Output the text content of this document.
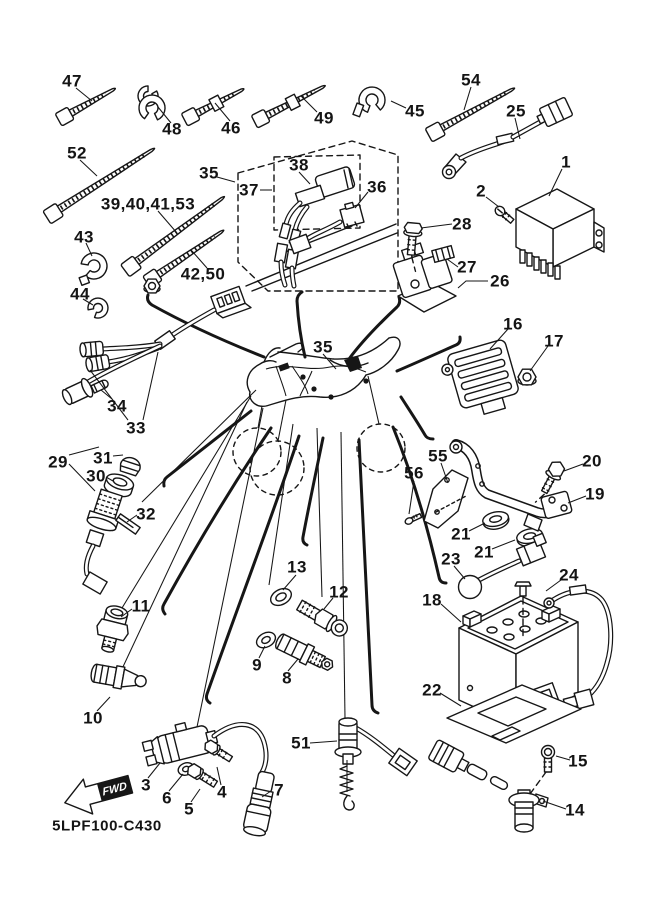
FWD
47
48 46
49	45
54
25
52	1
35
37
38
36	2
39,40,41,53
28
43
27
26
42,50
44
16
17
35
34
33
29 31
30
20
56
55
19
32
21
21
23
13
12	18
24
11
9
8
10
22
51
15
3
6
5
4	7
14
5LPF100-C430
